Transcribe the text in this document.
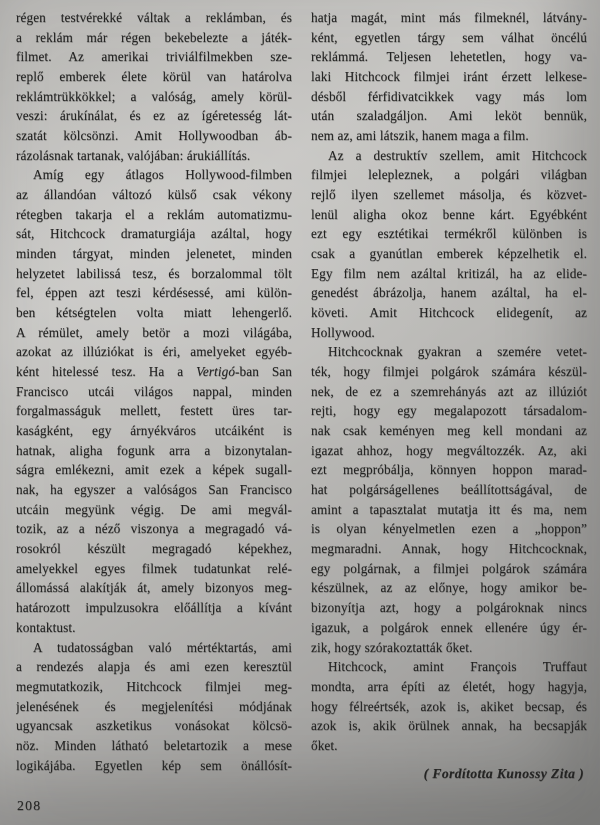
régen testvérekké váltak a reklámban, és
a reklám már régen bekebelezte a játék-
filmet. Az amerikai triviálfilmekben sze-
replő emberek élete körül van határolva
reklámtrükkökkel; a valóság, amely körül-
veszi: árukínálat, és ez az ígéretesség lát-
szatát kölcsönzi. Amit Hollywoodban áb-
rázolásnak tartanak, valójában: árukiállítás.
Amíg egy átlagos Hollywood-filmben
az állandóan változó külső csak vékony
rétegben takarja el a reklám automatizmu-
sát, Hitchcock dramaturgiája azáltal, hogy
minden tárgyat, minden jelenetet, minden
helyzetet labilissá tesz, és borzalommal tölt
fel, éppen azt teszi kérdésessé, ami külön-
ben kétségtelen volta miatt lehengerlő.
A rémület, amely betör a mozi világába,
azokat az illúziókat is éri, amelyeket egyéb-
ként hitelessé tesz. Ha a Vertigó-ban San
Francisco utcái világos nappal, minden
forgalmasságuk mellett, festett üres tar-
kaságként, egy árnyékváros utcáiként is
hatnak, aligha fogunk arra a bizonytalan-
ságra emlékezni, amit ezek a képek sugall-
nak, ha egyszer a valóságos San Francisco
utcáin megyünk végig. De ami megvál-
tozik, az a néző viszonya a megragadó vá-
rosokról készült megragadó képekhez,
amelyekkel egyes filmek tudatunkat relé-
állomássá alakítják át, amely bizonyos meg-
határozott impulzusokra előállítja a kívánt
kontaktust.
A tudatosságban való mértéktartás, ami
a rendezés alapja és ami ezen keresztül
megmutatkozik, Hitchcock filmjei meg-
jelenésének és megjelenítési módjának
ugyancsak aszketikus vonásokat kölcsö-
nöz. Minden látható beletartozik a mese
logikájába. Egyetlen kép sem önállósít-
hatja magát, mint más filmeknél, látvány-
ként, egyetlen tárgy sem válhat öncélú
reklámmá. Teljesen lehetetlen, hogy va-
laki Hitchcock filmjei iránt érzett lelkese-
désből férfidivatcikkek vagy más lom
után szaladgáljon. Ami leköt bennük,
nem az, ami látszik, hanem maga a film.
Az a destruktív szellem, amit Hitchcock
filmjei lelepleznek, a polgári világban
rejlő ilyen szellemet másolja, és közvet-
lenül aligha okoz benne kárt. Egyébként
ezt egy esztétikai termékről különben is
csak a gyanútlan emberek képzelhetik el.
Egy film nem azáltal kritizál, ha az elide-
genedést ábrázolja, hanem azáltal, ha el-
követi. Amit Hitchcock elidegenít, az
Hollywood.
Hitchcocknak gyakran a szemére vetet-
ték, hogy filmjei polgárok számára készül-
nek, de ez a szemrehányás azt az illúziót
rejti, hogy egy megalapozott társadalom-
nak csak keményen meg kell mondani az
igazat ahhoz, hogy megváltozzék. Az, aki
ezt megpróbálja, könnyen hoppon marad-
hat polgárságellenes beállítottságával, de
amint a tapasztalat mutatja itt és ma, nem
is olyan kényelmetlen ezen a „hoppon”
megmaradni. Annak, hogy Hitchcocknak,
egy polgárnak, a filmjei polgárok számára
készülnek, az az előnye, hogy amikor be-
bizonyítja azt, hogy a polgároknak nincs
igazuk, a polgárok ennek ellenére úgy ér-
zik, hogy szórakoztatták őket.
Hitchcock, amint François Truffaut
mondta, arra építi az életét, hogy hagyja,
hogy félreértsék, azok is, akiket becsap, és
azok is, akik örülnek annak, ha becsapják
őket.
( Fordította Kunossy Zita )
208
